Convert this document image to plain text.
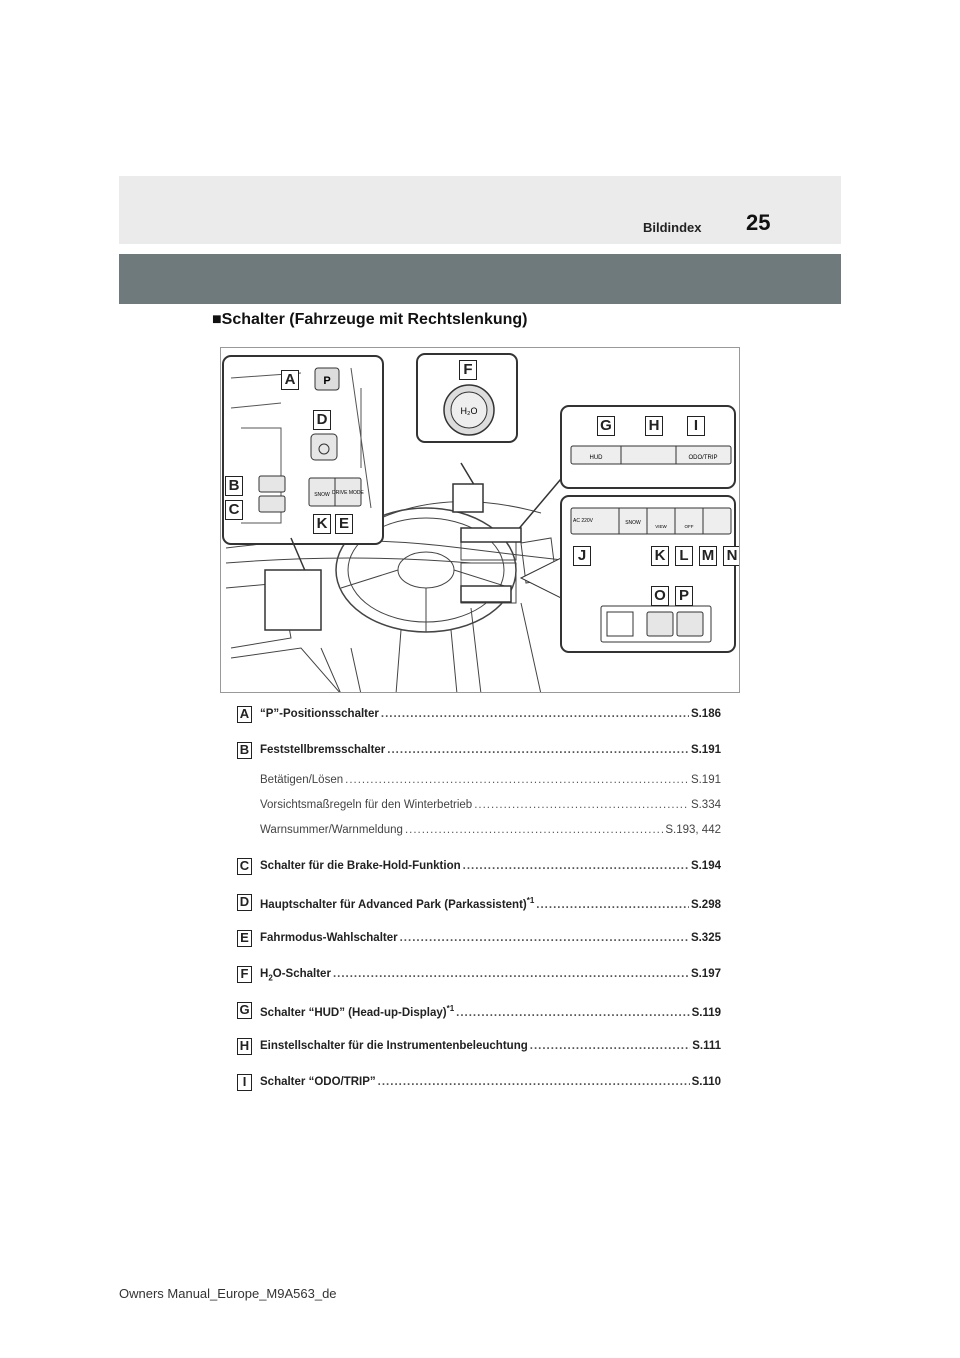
Bildindex 25
■Schalter (Fahrzeuge mit Rechtslenkung)
P
SNOW DRIVE MODE
H₂O
HUD	ODO/TRIP
AC 220V	SNOW
VIEW	OFF
A
B
C
D
E
F
G H	I
J	K L M N
O P
K
A “P”-Positionsschalter .....	S.186
B Feststellbremsschalter .....	S.191
Betätigen/Lösen .....	S.191
Vorsichtsmaßregeln für den Winterbetrieb .....	S.334
Warnsummer/Warnmeldung .....	S.193, 442
C Schalter für die Brake-Hold-Funktion .....	S.194
D Hauptschalter für Advanced Park (Parkassistent)$^{*1}$ .....	S.298
E Fahrmodus-Wahlschalter .....	S.325
F	$H_2O$-Schalter .....	S.197
G Schalter “HUD” (Head-up-Display)$^{*1}$ .....	S.119
H Einstellschalter für die Instrumentenbeleuchtung .....	S.111
I	Schalter “ODO/TRIP” .....	S.110
Owners Manual_Europe_M9A563_de
